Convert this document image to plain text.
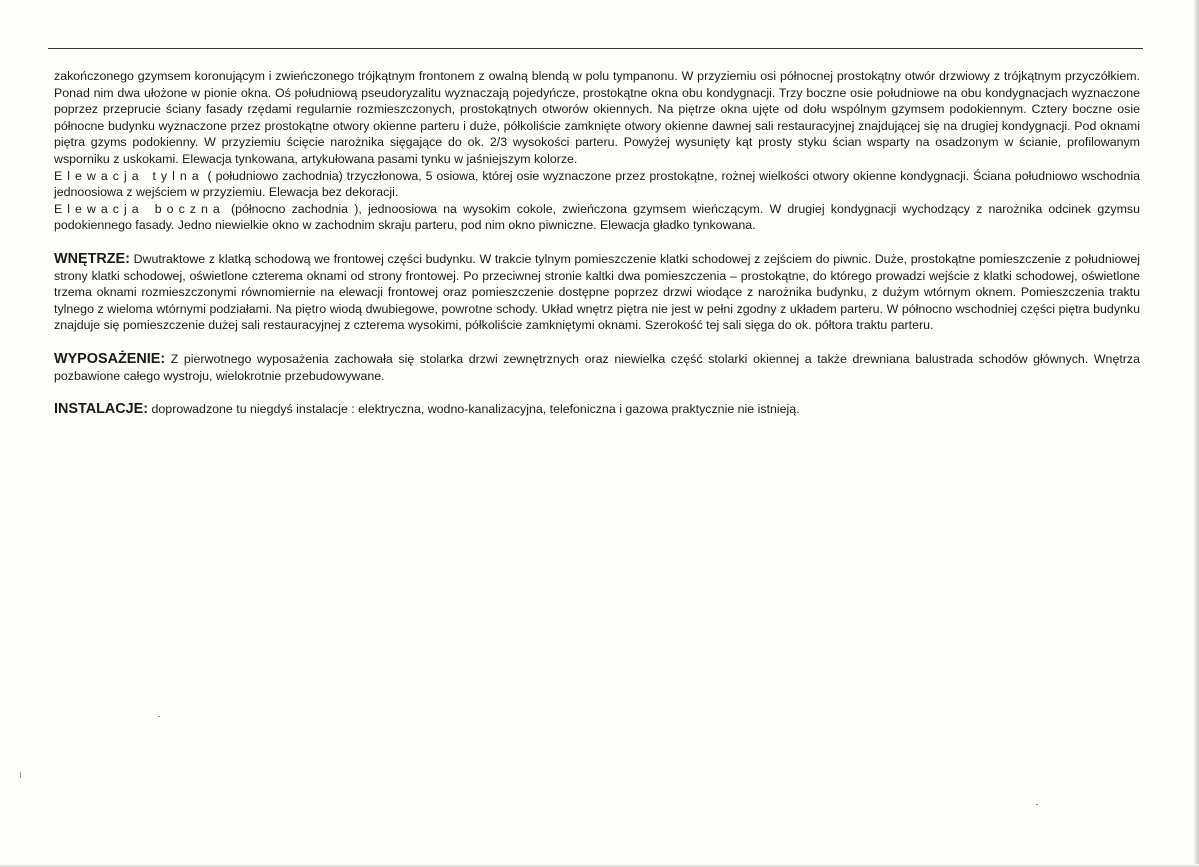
zakończonego gzymsem koronującym i zwieńczonego trójkątnym frontonem z owalną blendą w polu tympanonu. W przyziemiu osi północnej prostokątny otwór drzwiowy z trójkątnym przyczółkiem. Ponad nim dwa ułożone w pionie okna. Oś południową pseudoryzalitu wyznaczają pojedyńcze, prostokątne okna obu kondygnacji. Trzy boczne osie południowe na obu kondygnacjach wyznaczone poprzez przeprucie ściany fasady rzędami regularnie rozmieszczonych, prostokątnych otworów okiennych. Na piętrze okna ujęte od dołu wspólnym gzymsem podokiennym. Cztery boczne osie północne budynku wyznaczone przez prostokątne otwory okienne parteru i duże, półkoliście zamknięte otwory okienne dawnej sali restauracyjnej znajdującej się na drugiej kondygnacji. Pod oknami piętra gzyms podokienny. W przyziemiu ścięcie narożnika sięgające do ok. 2/3 wysokości parteru. Powyżej wysunięty kąt prosty styku ścian wsparty na osadzonym w ścianie, profilowanym wsporniku z uskokami. Elewacja tynkowana, artykułowana pasami tynku w jaśniejszym kolorze.

Elewacja tylna ( południowo zachodnia) trzyczłonowa, 5 osiowa, której osie wyznaczone przez prostokątne, rożnej wielkości otwory okienne kondygnacji. Ściana południowo wschodnia jednoosiowa z wejściem w przyziemiu. Elewacja bez dekoracji.

Elewacja boczna (północno zachodnia ), jednoosiowa na wysokim cokole, zwieńczona gzymsem wieńczącym. W drugiej kondygnacji wychodzący z narożnika odcinek gzymsu podokiennego fasady. Jedno niewielkie okno w zachodnim skraju parteru, pod nim okno piwniczne. Elewacja gładko tynkowana.

WNĘTRZE: Dwutraktowe z klatką schodową we frontowej części budynku. W trakcie tylnym pomieszczenie klatki schodowej z zejściem do piwnic. Duże, prostokątne pomieszczenie z południowej strony klatki schodowej, oświetlone czterema oknami od strony frontowej. Po przeciwnej stronie kaltki dwa pomieszczenia – prostokątne, do którego prowadzi wejście z klatki schodowej, oświetlone trzema oknami rozmieszczonymi równomiernie na elewacji frontowej oraz pomieszczenie dostępne poprzez drzwi wiodące z narożnika budynku, z dużym wtórnym oknem. Pomieszczenia traktu tylnego z wieloma wtórnymi podziałami. Na piętro wiodą dwubiegowe, powrotne schody. Układ wnętrz piętra nie jest w pełni zgodny z układem parteru. W północno wschodniej części piętra budynku znajduje się pomieszczenie dużej sali restauracyjnej z czterema wysokimi, półkoliście zamkniętymi oknami. Szerokość tej sali sięga do ok. półtora traktu parteru.

WYPOSAŻENIE: Z pierwotnego wyposażenia zachowała się stolarka drzwi zewnętrznych oraz niewielka część stolarki okiennej a także drewniana balustrada schodów głównych. Wnętrza pozbawione całego wystroju, wielokrotnie przebudowywane.

INSTALACJE: doprowadzone tu niegdyś instalacje : elektryczna, wodno-kanalizacyjna, telefoniczna i gazowa praktycznie nie istnieją.
